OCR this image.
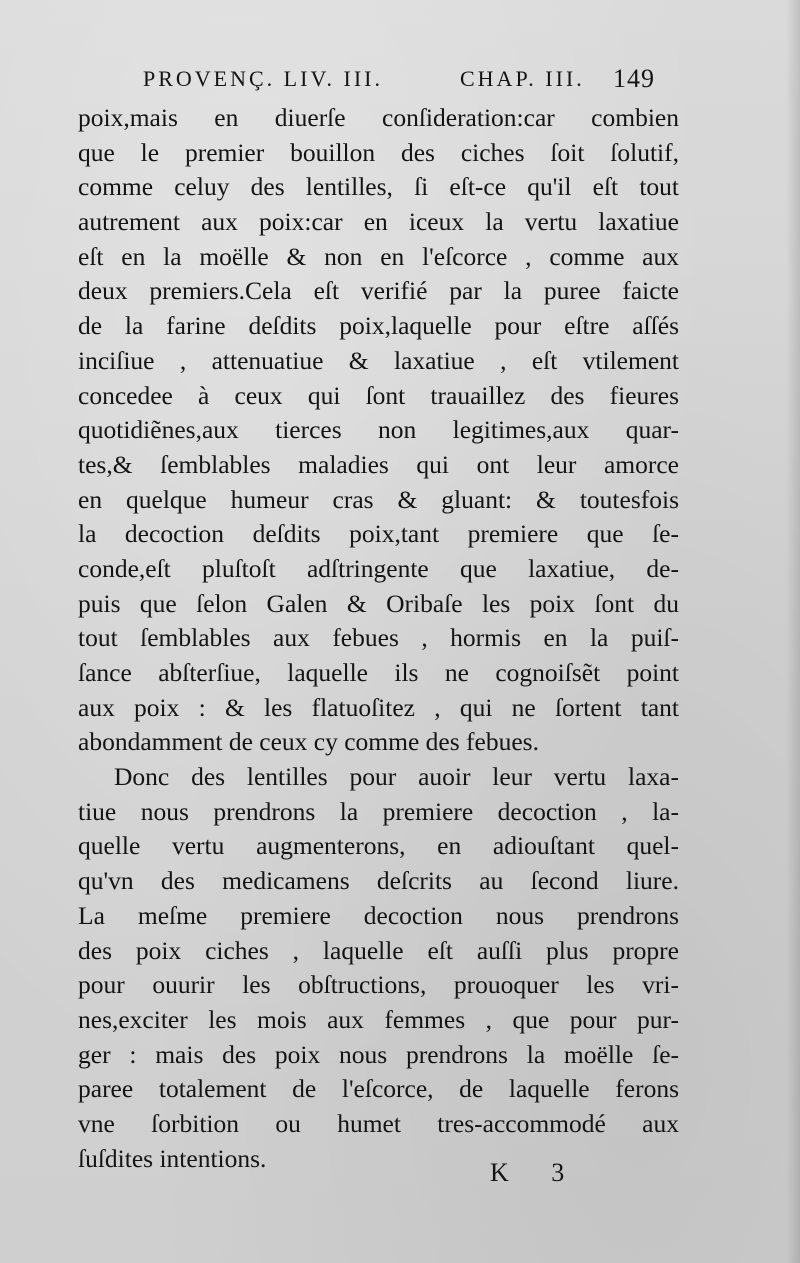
PROVENÇ. LIV. III.	CHAP. III. 149
poix,mais en diuerſe conſideration:car combien
que le premier bouillon des ciches ſoit ſolutif,
comme celuy des lentilles, ſi eſt-ce qu'il eſt tout
autrement aux poix:car en iceux la vertu laxatiue
eſt en la moëlle & non en l'eſcorce , comme aux
deux premiers.Cela eſt verifié par la puree faicte
de la farine deſdits poix,laquelle pour eſtre aſſés
inciſiue , attenuatiue & laxatiue , eſt vtilement
concedee à ceux qui ſont trauaillez des fieures
quotidiẽnes,aux tierces non legitimes,aux quar-
tes,& ſemblables maladies qui ont leur amorce
en quelque humeur cras & gluant: & toutesfois
la decoction deſdits poix,tant premiere que ſe-
conde,eſt pluſtoſt adſtringente que laxatiue, de-
puis que ſelon Galen & Oribaſe les poix ſont du
tout ſemblables aux febues , hormis en la puiſ-
ſance abſterſiue, laquelle ils ne cognoiſsẽt point
aux poix : & les flatuoſitez , qui ne ſortent tant
abondamment de ceux cy comme des febues.
Donc des lentilles pour auoir leur vertu laxa-
tiue nous prendrons la premiere decoction , la-
quelle vertu augmenterons, en adiouſtant quel-
qu'vn des medicamens deſcrits au ſecond liure.
La meſme premiere decoction nous prendrons
des poix ciches , laquelle eſt auſſi plus propre
pour ouurir les obſtructions, prouoquer les vri-
nes,exciter les mois aux femmes , que pour pur-
ger : mais des poix nous prendrons la moëlle ſe-
paree totalement de l'eſcorce, de laquelle ferons
vne ſorbition ou humet tres-accommodé aux
ſuſdites intentions.	K 3
